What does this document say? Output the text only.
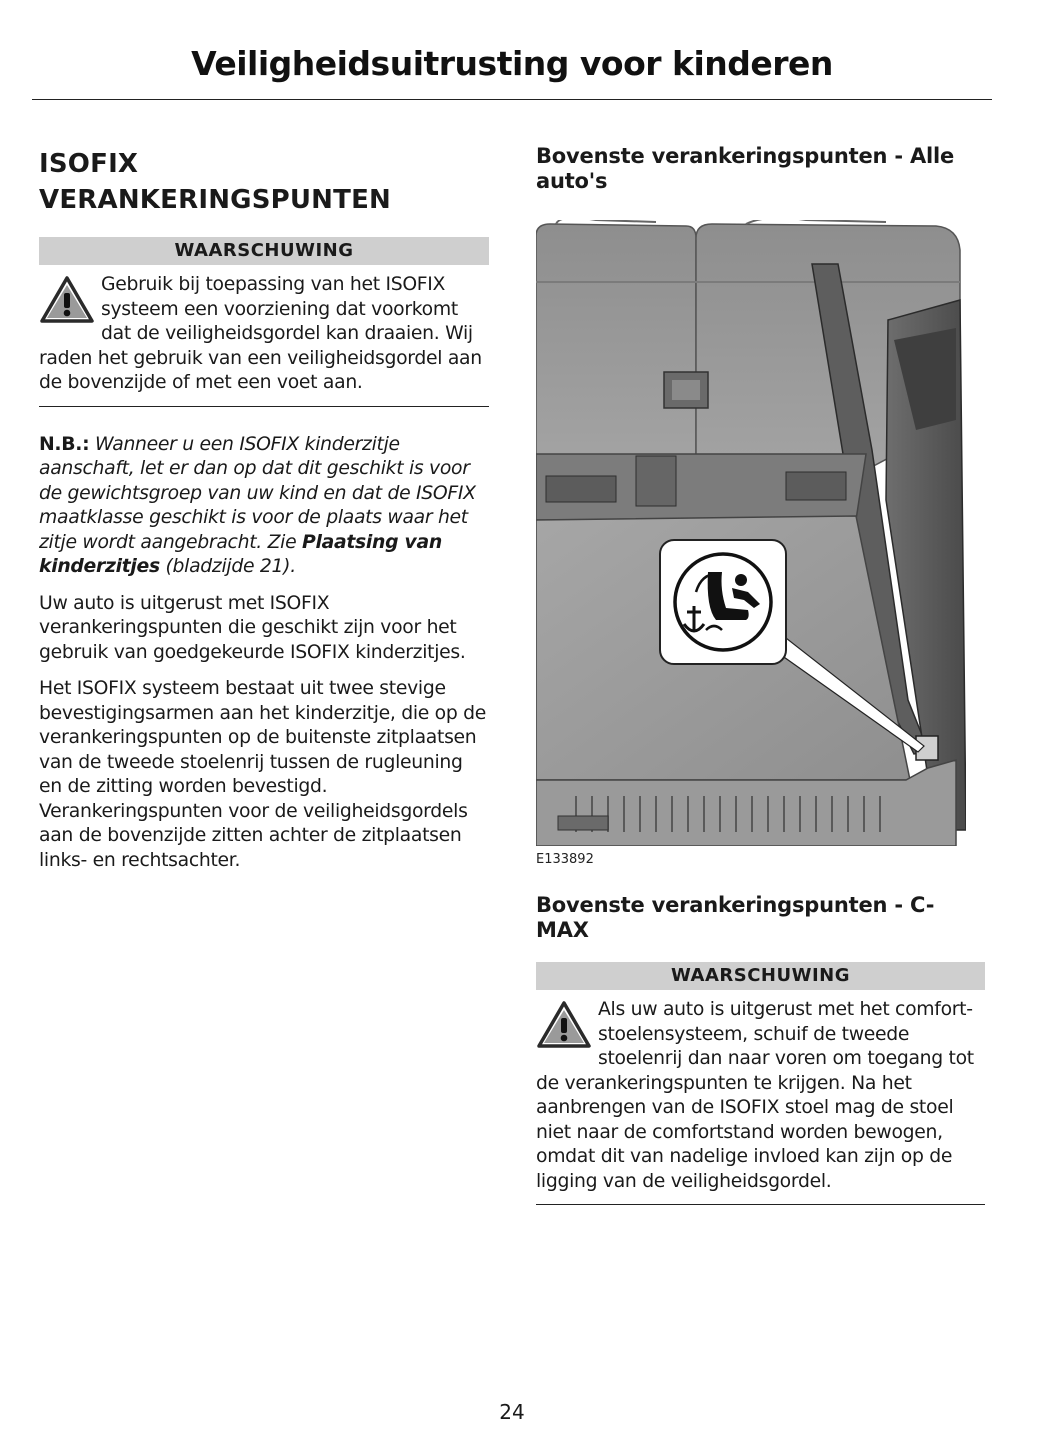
Veiligheidsuitrusting voor kinderen
ISOFIX
VERANKERINGSPUNTEN
WAARSCHUWING
Gebruik bij toepassing van het ISOFIX systeem een voorziening dat voorkomt dat de veiligheidsgordel kan draaien. Wij raden het gebruik van een veiligheidsgordel aan de bovenzijde of met een voet aan.

N.B.: Wanneer u een ISOFIX kinderzitje aanschaft, let er dan op dat dit geschikt is voor de gewichtsgroep van uw kind en dat de ISOFIX maatklasse geschikt is voor de plaats waar het zitje wordt aangebracht. Zie Plaatsing van kinderzitjes (bladzijde 21).

Uw auto is uitgerust met ISOFIX verankeringspunten die geschikt zijn voor het gebruik van goedgekeurde ISOFIX kinderzitjes.

Het ISOFIX systeem bestaat uit twee stevige bevestigingsarmen aan het kinderzitje, die op de verankeringspunten op de buitenste zitplaatsen van de tweede stoelenrij tussen de rugleuning en de zitting worden bevestigd. Verankeringspunten voor de veiligheidsgordels aan de bovenzijde zitten achter de zitplaatsen links- en rechtsachter.

Bovenste verankeringspunten - Alle auto's
E133892
Bovenste verankeringspunten - C-MAX
WAARSCHUWING
Als uw auto is uitgerust met het comfort-stoelensysteem, schuif de tweede stoelenrij dan naar voren om toegang tot de verankeringspunten te krijgen. Na het aanbrengen van de ISOFIX stoel mag de stoel niet naar de comfortstand worden bewogen, omdat dit van nadelige invloed kan zijn op de ligging van de veiligheidsgordel.
24
